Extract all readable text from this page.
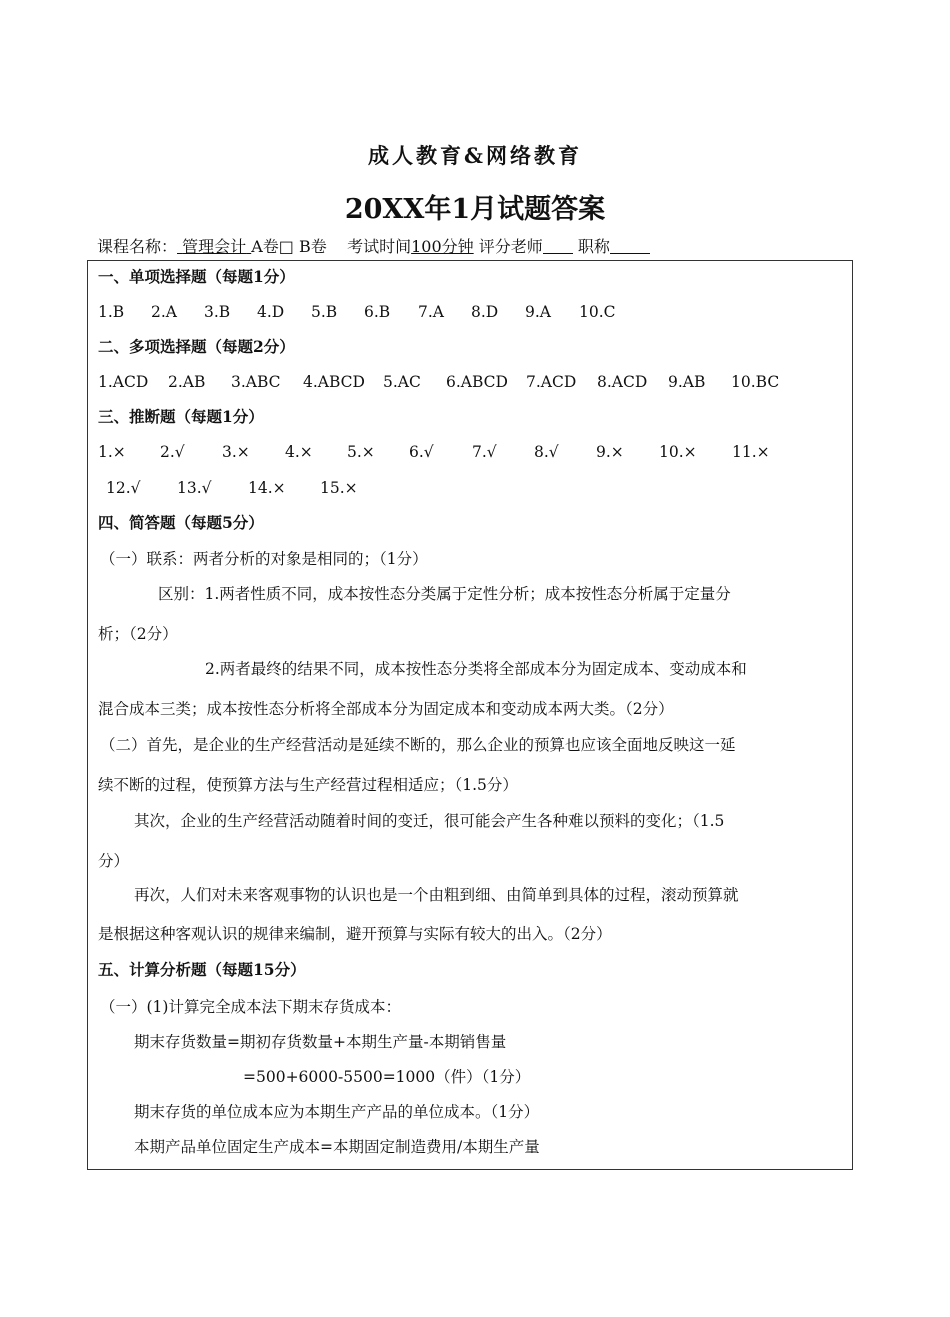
成人教育&网络教育
20XX年1月试题答案
课程名称： 管理会计 A卷□ B卷 考试时间100分钟 评分老师 职称
一、单项选择题（每题1分）
1.B 2.A 3.B 4.D 5.B 6.B 7.A 8.D 9.A 10.C
二、多项选择题（每题2分）
1.ACD 2.AB 3.ABC 4.ABCD 5.AC 6.ABCD 7.ACD 8.ACD 9.AB 10.BC
三、推断题（每题1分）
1.× 2.√ 3.× 4.× 5.× 6.√ 7.√ 8.√ 9.× 10.× 11.×
12.√ 13.√ 14.× 15.×
四、简答题（每题5分）
（一）联系：两者分析的对象是相同的；（1分）
区别：1.两者性质不同，成本按性态分类属于定性分析；成本按性态分析属于定量分
析；（2分）
2.两者最终的结果不同，成本按性态分类将全部成本分为固定成本、变动成本和
混合成本三类；成本按性态分析将全部成本分为固定成本和变动成本两大类。（2分）
（二）首先，是企业的生产经营活动是延续不断的，那么企业的预算也应该全面地反映这一延
续不断的过程，使预算方法与生产经营过程相适应；（1.5分）
其次，企业的生产经营活动随着时间的变迁，很可能会产生各种难以预料的变化；（1.5
分）
再次，人们对未来客观事物的认识也是一个由粗到细、由简单到具体的过程，滚动预算就
是根据这种客观认识的规律来编制，避开预算与实际有较大的出入。（2分）
五、计算分析题（每题15分）
（一）(1)计算完全成本法下期末存货成本：
期末存货数量=期初存货数量+本期生产量-本期销售量
=500+6000-5500=1000（件）（1分）
期末存货的单位成本应为本期生产产品的单位成本。（1分）
本期产品单位固定生产成本=本期固定制造费用/本期生产量
